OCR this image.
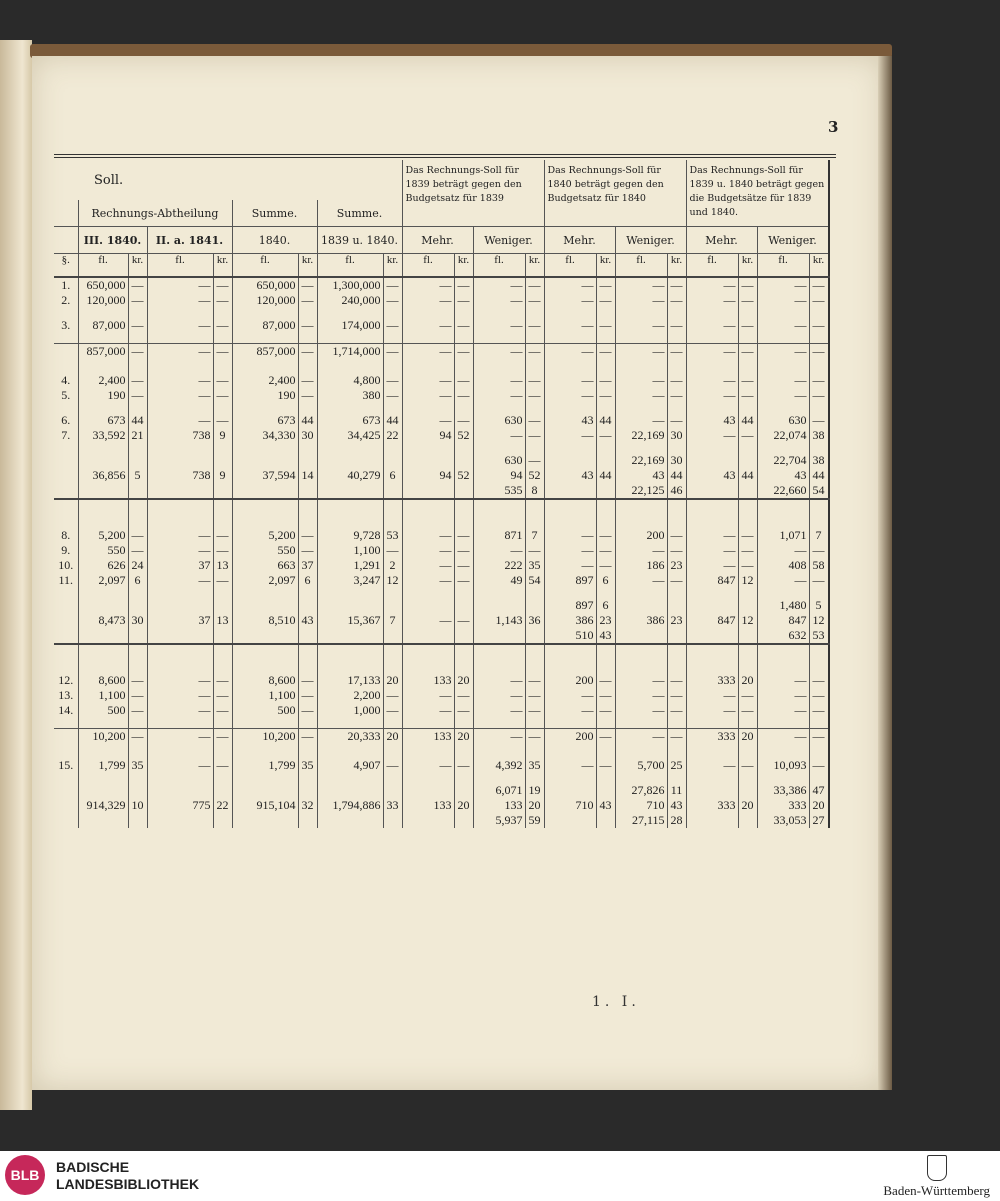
3
Soll.									Das Rechnungs-Soll für 1839 beträgt gegen den Budgetsatz für 1839				Das Rechnungs-Soll für 1840 beträgt gegen den Budgetsatz für 1840				Das Rechnungs-Soll für 1839 u. 1840 beträgt gegen die Budgetsätze für 1839 und 1840.			
	Rechnungs-Abtheilung				Summe.		Summe.													
	III. 1840.		II. a. 1841.		1840.		1839 u. 1840.		Mehr.		Weniger.		Mehr.		Weniger.		Mehr.		Weniger.	
§.	fl.	kr.	fl.	kr.	fl.	kr.	fl.	kr.	fl.	kr.	fl.	kr.	fl.	kr.	fl.	kr.	fl.	kr.	fl.	kr.
1.	650,000	—	—	—	650,000	—	1,300,000	—	—	—	—	—	—	—	—	—	—	—	—	—
2.	120,000	—	—	—	120,000	—	240,000	—	—	—	—	—	—	—	—	—	—	—	—	—

3.	87,000	—	—	—	87,000	—	174,000	—	—	—	—	—	—	—	—	—	—	—	—	—

	857,000	—	—	—	857,000	—	1,714,000	—	—	—	—	—	—	—	—	—	—	—	—	—

4.	2,400	—	—	—	2,400	—	4,800	—	—	—	—	—	—	—	—	—	—	—	—	—
5.	190	—	—	—	190	—	380	—	—	—	—	—	—	—	—	—	—	—	—	—

6.	673	44	—	—	673	44	673	44	—	—	630	—	43	44	—	—	43	44	630	—
7.	33,592	21	738	9	34,330	30	34,425	22	94	52	—	—	—	—	22,169	30	—	—	22,074	38

											630	—			22,169	30			22,704	38
	36,856	5	738	9	37,594	14	40,279	6	94	52	94	52	43	44	43	44	43	44	43	44
											535	8			22,125	46			22,660	54

8.	5,200	—	—	—	5,200	—	9,728	53	—	—	871	7	—	—	200	—	—	—	1,071	7
9.	550	—	—	—	550	—	1,100	—	—	—	—	—	—	—	—	—	—	—	—	—
10.	626	24	37	13	663	37	1,291	2	—	—	222	35	—	—	186	23	—	—	408	58
11.	2,097	6	—	—	2,097	6	3,247	12	—	—	49	54	897	6	—	—	847	12	—	—

													897	6					1,480	5
	8,473	30	37	13	8,510	43	15,367	7	—	—	1,143	36	386	23	386	23	847	12	847	12
													510	43					632	53

12.	8,600	—	—	—	8,600	—	17,133	20	133	20	—	—	200	—	—	—	333	20	—	—
13.	1,100	—	—	—	1,100	—	2,200	—	—	—	—	—	—	—	—	—	—	—	—	—
14.	500	—	—	—	500	—	1,000	—	—	—	—	—	—	—	—	—	—	—	—	—

	10,200	—	—	—	10,200	—	20,333	20	133	20	—	—	200	—	—	—	333	20	—	—

15.	1,799	35	—	—	1,799	35	4,907	—	—	—	4,392	35	—	—	5,700	25	—	—	10,093	—

											6,071	19			27,826	11			33,386	47
	914,329	10	775	22	915,104	32	1,794,886	33	133	20	133	20	710	43	710	43	333	20	333	20
											5,937	59			27,115	28			33,053	27
1. I.
BLB	BADISCHE
LANDESBIBLIOTHEK	Baden-Württemberg
